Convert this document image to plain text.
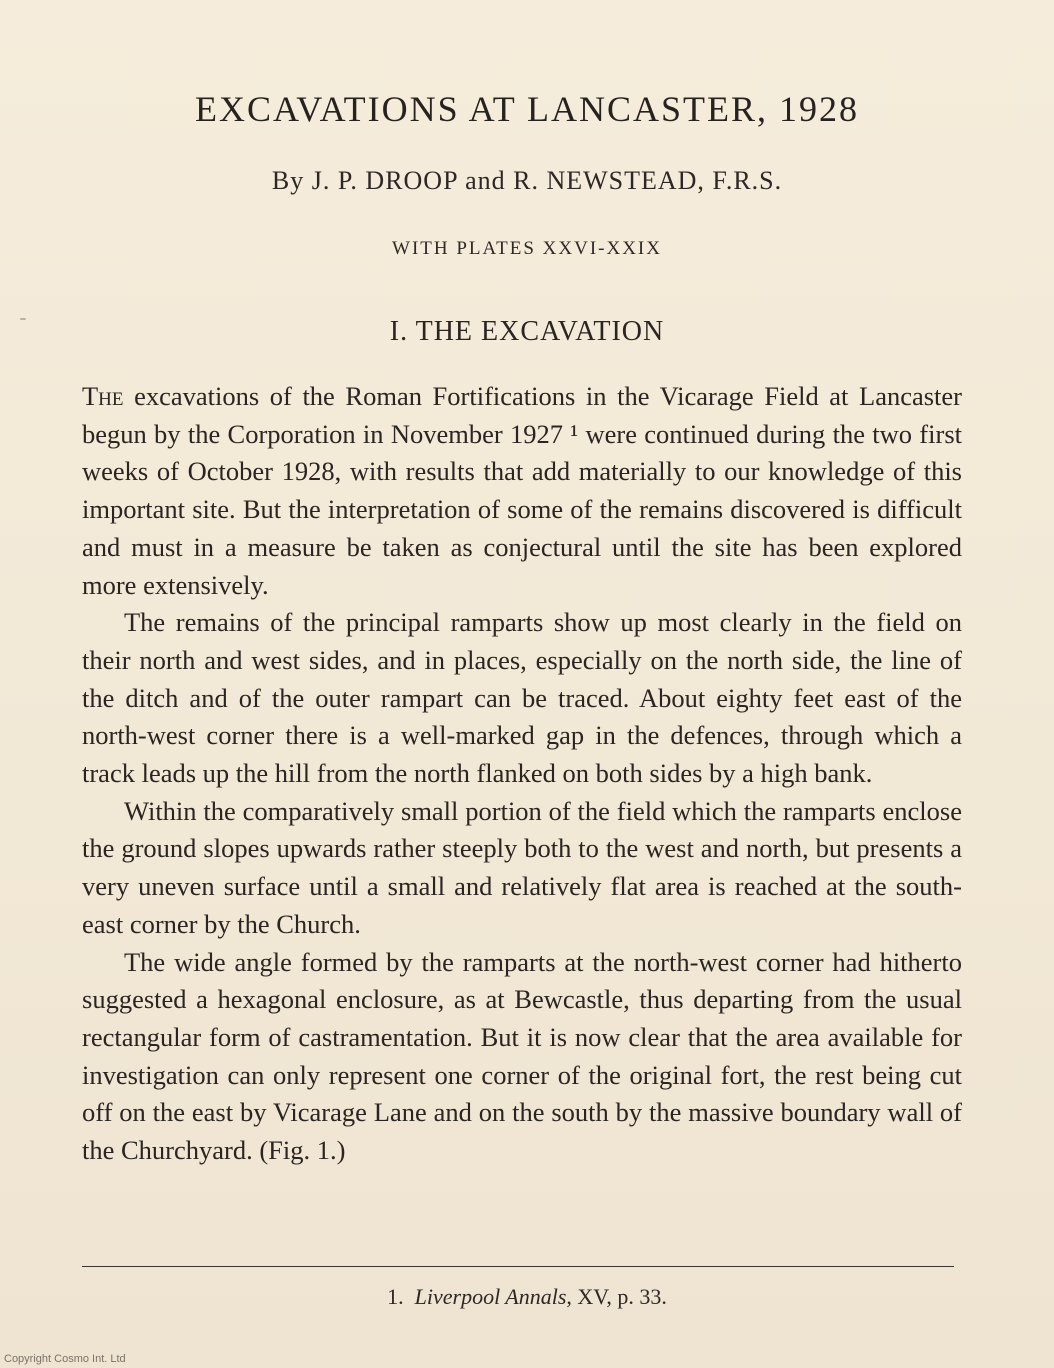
EXCAVATIONS AT LANCASTER, 1928
By J. P. DROOP and R. NEWSTEAD, F.R.S.
WITH PLATES XXVI-XXIX
I. THE EXCAVATION

The excavations of the Roman Fortifications in the Vicarage Field at Lancaster begun by the Corporation in November 1927 ¹ were continued during the two first weeks of October 1928, with results that add materially to our knowledge of this important site. But the interpretation of some of the remains discovered is difficult and must in a measure be taken as conjectural until the site has been explored more extensively.

The remains of the principal ramparts show up most clearly in the field on their north and west sides, and in places, especially on the north side, the line of the ditch and of the outer rampart can be traced. About eighty feet east of the north-west corner there is a well-marked gap in the defences, through which a track leads up the hill from the north flanked on both sides by a high bank.

Within the comparatively small portion of the field which the ramparts enclose the ground slopes upwards rather steeply both to the west and north, but presents a very uneven surface until a small and relatively flat area is reached at the south-east corner by the Church.

The wide angle formed by the ramparts at the north-west corner had hitherto suggested a hexagonal enclosure, as at Bewcastle, thus departing from the usual rectangular form of castramentation. But it is now clear that the area available for investigation can only represent one corner of the original fort, the rest being cut off on the east by Vicarage Lane and on the south by the massive boundary wall of the Churchyard. (Fig. 1.)

1. Liverpool Annals, XV, p. 33.
Copyright Cosmo Int. Ltd
